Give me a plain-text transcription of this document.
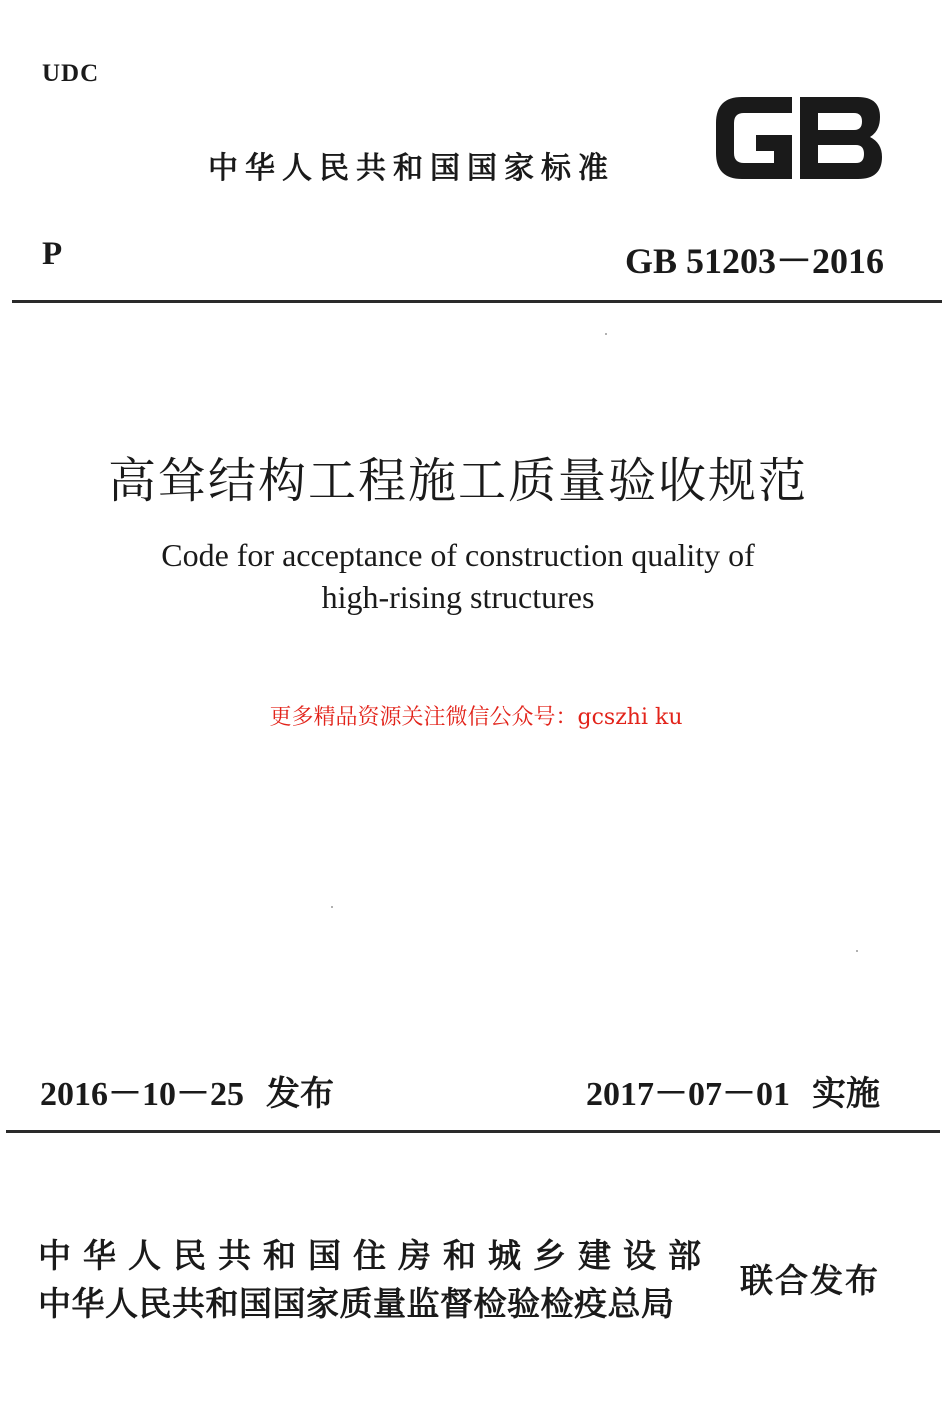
UDC
中华人民共和国国家标准	GB
P	GB 51203－2016
高耸结构工程施工质量验收规范
Code for acceptance of construction quality of
high-rising structures
更多精品资源关注微信公众号：gcszhi ku
2016－10－25 发布	2017－07－01 实施
中华人民共和国住房和城乡建设部
中华人民共和国国家质量监督检验检疫总局
联合发布
